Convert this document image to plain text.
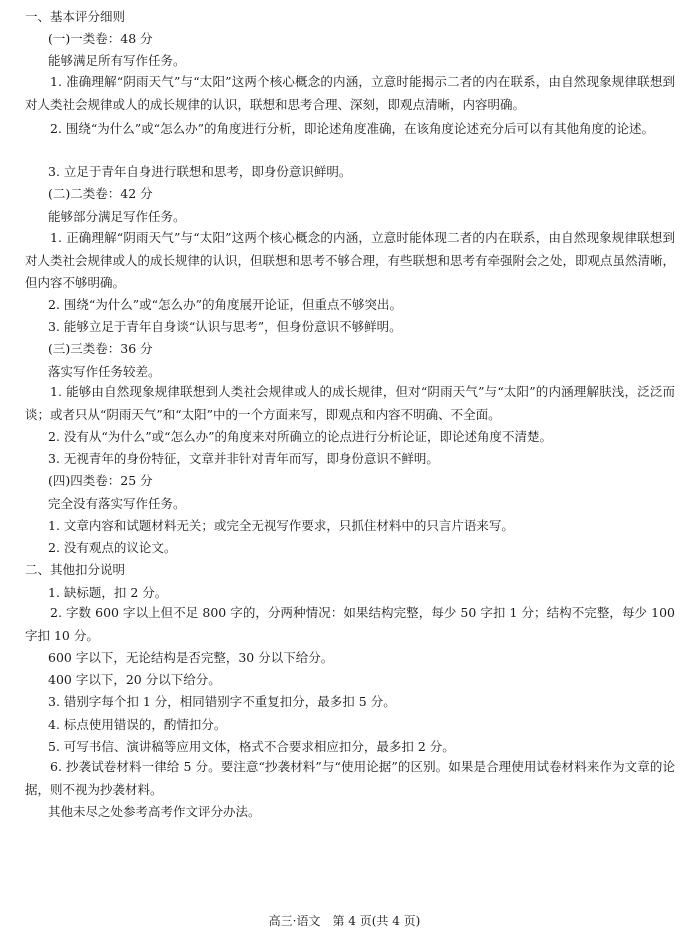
一、基本评分细则
(一)一类卷：48 分
能够满足所有写作任务。
1. 准确理解“阴雨天气”与“太阳”这两个核心概念的内涵，立意时能揭示二者的内在联系，由自然现象规律联想到对人类社会规律或人的成长规律的认识，联想和思考合理、深刻，即观点清晰，内容明确。
2. 围绕“为什么”或“怎么办”的角度进行分析，即论述角度准确，在该角度论述充分后可以有其他角度的论述。
3. 立足于青年自身进行联想和思考，即身份意识鲜明。
(二)二类卷：42 分
能够部分满足写作任务。
1. 正确理解“阴雨天气”与“太阳”这两个核心概念的内涵，立意时能体现二者的内在联系，由自然现象规律联想到对人类社会规律或人的成长规律的认识，但联想和思考不够合理，有些联想和思考有牵强附会之处，即观点虽然清晰，但内容不够明确。
2. 围绕“为什么”或“怎么办”的角度展开论证，但重点不够突出。
3. 能够立足于青年自身谈“认识与思考”，但身份意识不够鲜明。
(三)三类卷：36 分
落实写作任务较差。
1. 能够由自然现象规律联想到人类社会规律或人的成长规律，但对“阴雨天气”与“太阳”的内涵理解肤浅，泛泛而谈；或者只从“阴雨天气”和“太阳”中的一个方面来写，即观点和内容不明确、不全面。
2. 没有从“为什么”或“怎么办”的角度来对所确立的论点进行分析论证，即论述角度不清楚。
3. 无视青年的身份特征，文章并非针对青年而写，即身份意识不鲜明。
(四)四类卷：25 分
完全没有落实写作任务。
1. 文章内容和试题材料无关；或完全无视写作要求，只抓住材料中的只言片语来写。
2. 没有观点的议论文。
二、其他扣分说明
1. 缺标题，扣 2 分。
2. 字数 600 字以上但不足 800 字的，分两种情况：如果结构完整，每少 50 字扣 1 分；结构不完整，每少 100 字扣 10 分。
600 字以下，无论结构是否完整，30 分以下给分。
400 字以下，20 分以下给分。
3. 错别字每个扣 1 分，相同错别字不重复扣分，最多扣 5 分。
4. 标点使用错误的，酌情扣分。
5. 可写书信、演讲稿等应用文体，格式不合要求相应扣分，最多扣 2 分。
6. 抄袭试卷材料一律给 5 分。要注意“抄袭材料”与“使用论据”的区别。如果是合理使用试卷材料来作为文章的论据，则不视为抄袭材料。
其他未尽之处参考高考作文评分办法。
高三·语文　第 4 页(共 4 页)
